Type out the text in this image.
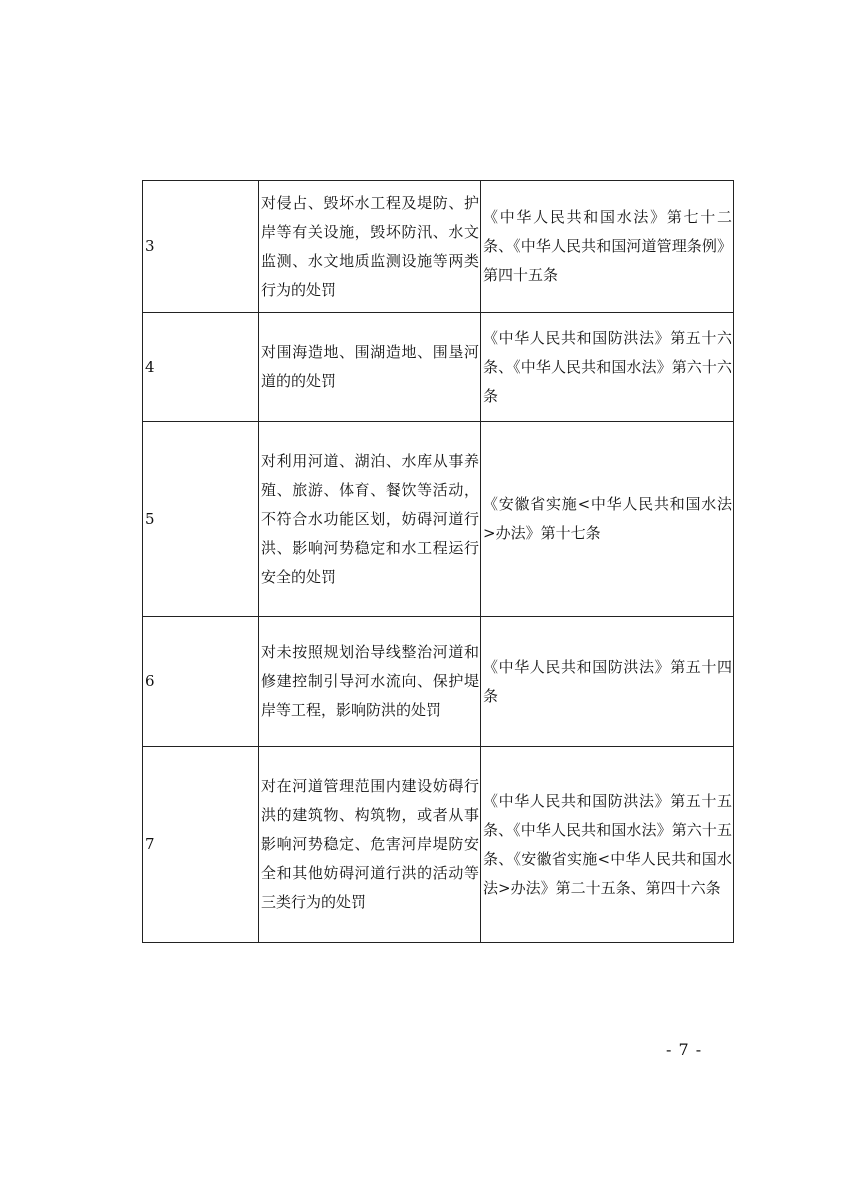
3	对侵占、毁坏水工程及堤防、护岸等有关设施，毁坏防汛、水文监测、水文地质监测设施等两类行为的处罚	《中华人民共和国水法》第七十二条、《中华人民共和国河道管理条例》第四十五条
4	对围海造地、围湖造地、围垦河道的的处罚	《中华人民共和国防洪法》第五十六条、《中华人民共和国水法》第六十六条
5	对利用河道、湖泊、水库从事养殖、旅游、体育、餐饮等活动，不符合水功能区划，妨碍河道行洪、影响河势稳定和水工程运行安全的处罚	《安徽省实施<中华人民共和国水法>办法》第十七条
6	对未按照规划治导线整治河道和修建控制引导河水流向、保护堤岸等工程，影响防洪的处罚	《中华人民共和国防洪法》第五十四条
7	对在河道管理范围内建设妨碍行洪的建筑物、构筑物，或者从事影响河势稳定、危害河岸堤防安全和其他妨碍河道行洪的活动等三类行为的处罚	《中华人民共和国防洪法》第五十五条、《中华人民共和国水法》第六十五条、《安徽省实施<中华人民共和国水法>办法》第二十五条、第四十六条
- 7 -
